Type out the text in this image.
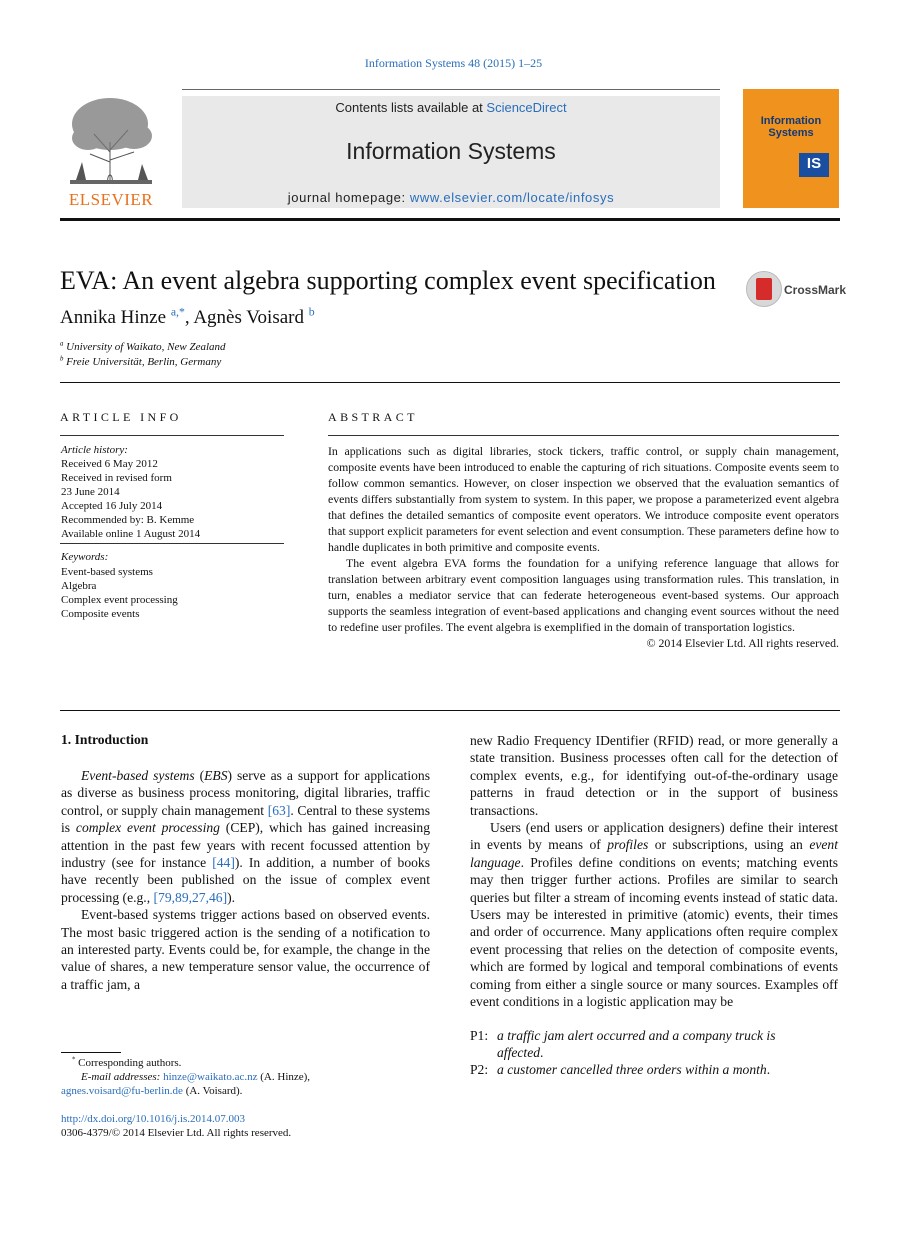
Information Systems 48 (2015) 1–25
ELSEVIER
Contents lists available at ScienceDirect
Information Systems
journal homepage: www.elsevier.com/locate/infosys
Information
Systems
IS
EVA: An event algebra supporting complex event specification	CrossMark
Annika Hinze $^{a,*}$, Agnès Voisard $^b$
$^a$ University of Waikato, New Zealand
$^b$ Freie Universität, Berlin, Germany
ARTICLE INFO
Article history:
Received 6 May 2012
Received in revised form
23 June 2014
Accepted 16 July 2014
Recommended by: B. Kemme
Available online 1 August 2014
Keywords:
Event-based systems
Algebra
Complex event processing
Composite events
ABSTRACT

In applications such as digital libraries, stock tickers, traffic control, or supply chain management, composite events have been introduced to enable the capturing of rich situations. Composite events seem to follow common semantics. However, on closer inspection we observed that the evaluation semantics of events differs substantially from system to system. In this paper, we propose a parameterized event algebra that defines the detailed semantics of composite event operators. We introduce composite event operators that support explicit parameters for event selection and event consumption. These parameters define how to handle duplicates in both primitive and composite events.

The event algebra EVA forms the foundation for a unifying reference language that allows for translation between arbitrary event composition languages using transformation rules. This translation, in turn, enables a mediator service that can federate heterogeneous event-based systems. Our approach supports the seamless integration of event-based applications and changing event sources without the need to redefine user profiles. The event algebra is exemplified in the domain of transportation logistics.

© 2014 Elsevier Ltd. All rights reserved.
1. Introduction

Event-based systems (EBS) serve as a support for applications as diverse as business process monitoring, digital libraries, traffic control, or supply chain management [63]. Central to these systems is complex event processing (CEP), which has gained increasing attention in the past few years with recent focussed attention by industry (see for instance [44]). In addition, a number of books have recently been published on the issue of complex event processing (e.g., [79,89,27,46]).

Event-based systems trigger actions based on observed events. The most basic triggered action is the sending of a notification to an interested party. Events could be, for example, the change in the value of shares, a new temperature sensor value, the occurrence of a traffic jam, a

new Radio Frequency IDentifier (RFID) read, or more generally a state transition. Business processes often call for the detection of complex events, e.g., for identifying out-of-the-ordinary usage patterns in fraud detection or in the support of business transactions.

Users (end users or application designers) define their interest in events by means of profiles or subscriptions, using an event language. Profiles define conditions on events; matching events may then trigger further actions. Profiles are similar to search queries but filter a stream of incoming events instead of static data. Users may be interested in primitive (atomic) events, their times and order of occurrence. Many applications often require complex event processing that relies on the detection of composite events, which are formed by logical and temporal combinations of events coming from either a single source or many sources. Examples off event conditions in a logistic application may be

P1: a traffic jam alert occurred and a company truck is
affected.
P2: a customer cancelled three orders within a month.
* Corresponding authors.
E-mail addresses: hinze@waikato.ac.nz (A. Hinze),
agnes.voisard@fu-berlin.de (A. Voisard).
http://dx.doi.org/10.1016/j.is.2014.07.003
0306-4379/© 2014 Elsevier Ltd. All rights reserved.
